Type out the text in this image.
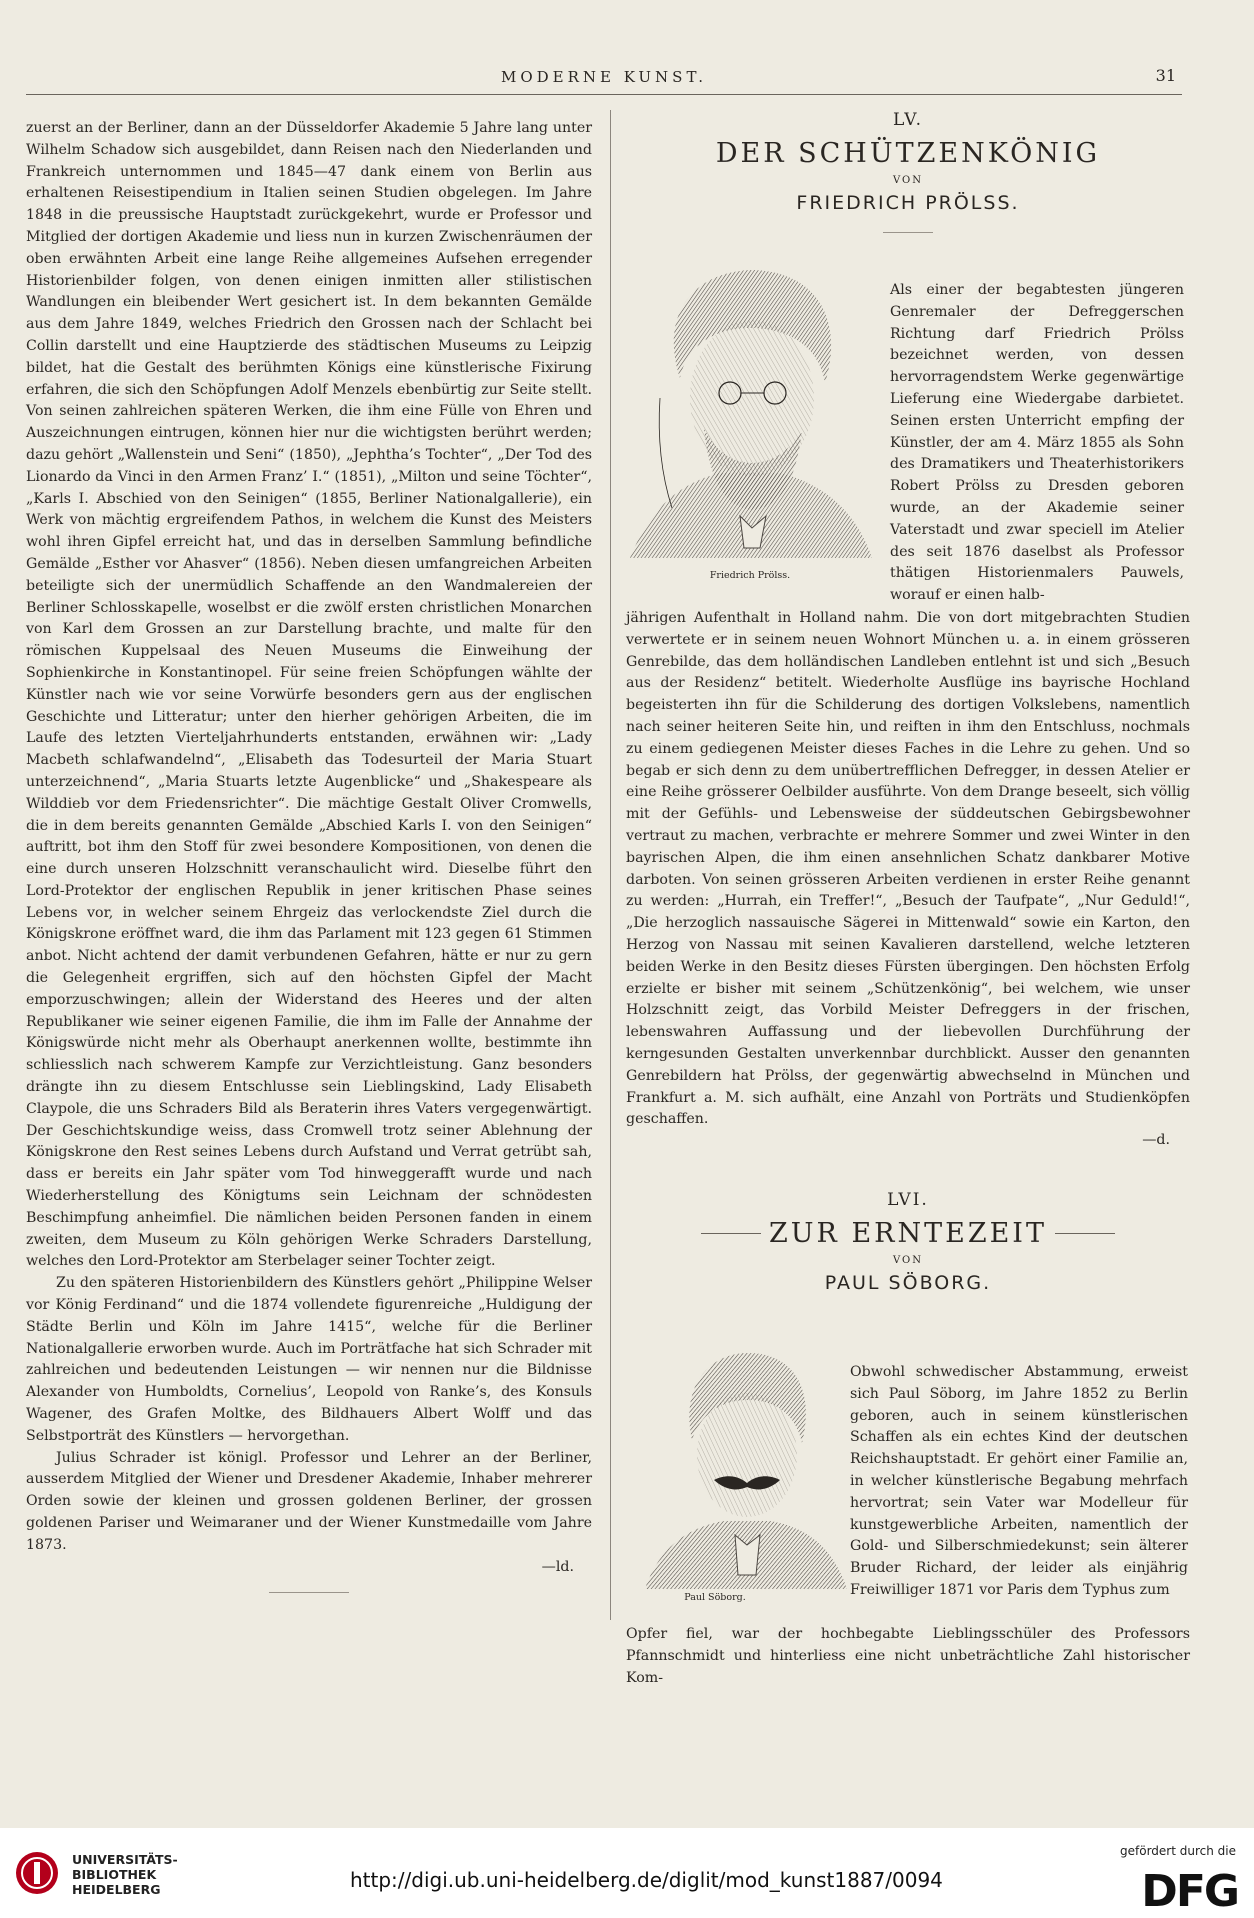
MODERNE KUNST.	31

zuerst an der Berliner, dann an der Düsseldorfer Akademie 5 Jahre lang unter Wilhelm Schadow sich ausgebildet, dann Reisen nach den Niederlanden und Frankreich unternommen und 1845—47 dank einem von Berlin aus erhaltenen Reisestipendium in Italien seinen Studien obgelegen. Im Jahre 1848 in die preussische Hauptstadt zurückgekehrt, wurde er Professor und Mitglied der dortigen Akademie und liess nun in kurzen Zwischenräumen der oben erwähnten Arbeit eine lange Reihe allgemeines Aufsehen erregender Historienbilder folgen, von denen einigen inmitten aller stilistischen Wandlungen ein bleibender Wert gesichert ist. In dem bekannten Gemälde aus dem Jahre 1849, welches Friedrich den Grossen nach der Schlacht bei Collin darstellt und eine Hauptzierde des städtischen Museums zu Leipzig bildet, hat die Gestalt des berühmten Königs eine künstlerische Fixirung erfahren, die sich den Schöpfungen Adolf Menzels ebenbürtig zur Seite stellt. Von seinen zahlreichen späteren Werken, die ihm eine Fülle von Ehren und Auszeichnungen eintrugen, können hier nur die wichtigsten berührt werden; dazu gehört „Wallenstein und Seni“ (1850), „Jephtha’s Tochter“, „Der Tod des Lionardo da Vinci in den Armen Franz’ I.“ (1851), „Milton und seine Töchter“, „Karls I. Abschied von den Seinigen“ (1855, Berliner Nationalgallerie), ein Werk von mächtig ergreifendem Pathos, in welchem die Kunst des Meisters wohl ihren Gipfel erreicht hat, und das in derselben Sammlung befindliche Gemälde „Esther vor Ahasver“ (1856). Neben diesen umfangreichen Arbeiten beteiligte sich der unermüdlich Schaffende an den Wandmalereien der Berliner Schlosskapelle, woselbst er die zwölf ersten christlichen Monarchen von Karl dem Grossen an zur Darstellung brachte, und malte für den römischen Kuppelsaal des Neuen Museums die Einweihung der Sophienkirche in Konstantinopel. Für seine freien Schöpfungen wählte der Künstler nach wie vor seine Vorwürfe besonders gern aus der englischen Geschichte und Litteratur; unter den hierher gehörigen Arbeiten, die im Laufe des letzten Vierteljahrhunderts entstanden, erwähnen wir: „Lady Macbeth schlafwandelnd“, „Elisabeth das Todesurteil der Maria Stuart unterzeichnend“, „Maria Stuarts letzte Augenblicke“ und „Shakespeare als Wilddieb vor dem Friedensrichter“. Die mächtige Gestalt Oliver Cromwells, die in dem bereits genannten Gemälde „Abschied Karls I. von den Seinigen“ auftritt, bot ihm den Stoff für zwei besondere Kompositionen, von denen die eine durch unseren Holzschnitt veranschaulicht wird. Dieselbe führt den Lord-Protektor der englischen Republik in jener kritischen Phase seines Lebens vor, in welcher seinem Ehrgeiz das verlockendste Ziel durch die Königskrone eröffnet ward, die ihm das Parlament mit 123 gegen 61 Stimmen anbot. Nicht achtend der damit verbundenen Gefahren, hätte er nur zu gern die Gelegenheit ergriffen, sich auf den höchsten Gipfel der Macht emporzuschwingen; allein der Widerstand des Heeres und der alten Republikaner wie seiner eigenen Familie, die ihm im Falle der Annahme der Königswürde nicht mehr als Oberhaupt anerkennen wollte, bestimmte ihn schliesslich nach schwerem Kampfe zur Verzichtleistung. Ganz besonders drängte ihn zu diesem Entschlusse sein Lieblingskind, Lady Elisabeth Claypole, die uns Schraders Bild als Beraterin ihres Vaters vergegenwärtigt. Der Geschichtskundige weiss, dass Cromwell trotz seiner Ablehnung der Königskrone den Rest seines Lebens durch Aufstand und Verrat getrübt sah, dass er bereits ein Jahr später vom Tod hinweggerafft wurde und nach Wiederherstellung des Königtums sein Leichnam der schnödesten Beschimpfung anheimfiel. Die nämlichen beiden Personen fanden in einem zweiten, dem Museum zu Köln gehörigen Werke Schraders Darstellung, welches den Lord-Protektor am Sterbelager seiner Tochter zeigt.

Zu den späteren Historienbildern des Künstlers gehört „Philippine Welser vor König Ferdinand“ und die 1874 vollendete figurenreiche „Huldigung der Städte Berlin und Köln im Jahre 1415“, welche für die Berliner Nationalgallerie erworben wurde. Auch im Porträtfache hat sich Schrader mit zahlreichen und bedeutenden Leistungen — wir nennen nur die Bildnisse Alexander von Humboldts, Cornelius’, Leopold von Ranke’s, des Konsuls Wagener, des Grafen Moltke, des Bildhauers Albert Wolff und das Selbstporträt des Künstlers — hervorgethan.

Julius Schrader ist königl. Professor und Lehrer an der Berliner, ausserdem Mitglied der Wiener und Dresdener Akademie, Inhaber mehrerer Orden sowie der kleinen und grossen goldenen Berliner, der grossen goldenen Pariser und Weimaraner und der Wiener Kunstmedaille vom Jahre 1873.

—ld.

LV.
DER SCHÜTZENKÖNIG
VON
FRIEDRICH PRÖLSS.
Friedrich Prölss.

Als einer der begabtesten jüngeren Genremaler der Defreggerschen Richtung darf Friedrich Prölss bezeichnet werden, von dessen hervorragendstem Werke gegenwärtige Lieferung eine Wiedergabe darbietet. Seinen ersten Unterricht empfing der Künstler, der am 4. März 1855 als Sohn des Dramatikers und Theaterhistorikers Robert Prölss zu Dresden geboren wurde, an der Akademie seiner Vaterstadt und zwar speciell im Atelier des seit 1876 daselbst als Professor thätigen Historienmalers Pauwels, worauf er einen halb-

jährigen Aufenthalt in Holland nahm. Die von dort mitgebrachten Studien verwertete er in seinem neuen Wohnort München u. a. in einem grösseren Genrebilde, das dem holländischen Landleben entlehnt ist und sich „Besuch aus der Residenz“ betitelt. Wiederholte Ausflüge ins bayrische Hochland begeisterten ihn für die Schilderung des dortigen Volkslebens, namentlich nach seiner heiteren Seite hin, und reiften in ihm den Entschluss, nochmals zu einem gediegenen Meister dieses Faches in die Lehre zu gehen. Und so begab er sich denn zu dem unübertrefflichen Defregger, in dessen Atelier er eine Reihe grösserer Oelbilder ausführte. Von dem Drange beseelt, sich völlig mit der Gefühls- und Lebensweise der süddeutschen Gebirgsbewohner vertraut zu machen, verbrachte er mehrere Sommer und zwei Winter in den bayrischen Alpen, die ihm einen ansehnlichen Schatz dankbarer Motive darboten. Von seinen grösseren Arbeiten verdienen in erster Reihe genannt zu werden: „Hurrah, ein Treffer!“, „Besuch der Taufpate“, „Nur Geduld!“, „Die herzoglich nassauische Sägerei in Mittenwald“ sowie ein Karton, den Herzog von Nassau mit seinen Kavalieren darstellend, welche letzteren beiden Werke in den Besitz dieses Fürsten übergingen. Den höchsten Erfolg erzielte er bisher mit seinem „Schützenkönig“, bei welchem, wie unser Holzschnitt zeigt, das Vorbild Meister Defreggers in der frischen, lebenswahren Auffassung und der liebevollen Durchführung der kerngesunden Gestalten unverkennbar durchblickt. Ausser den genannten Genrebildern hat Prölss, der gegenwärtig abwechselnd in München und Frankfurt a. M. sich aufhält, eine Anzahl von Porträts und Studienköpfen geschaffen.

—d.

LVI.
ZUR ERNTEZEIT
VON
PAUL SÖBORG.
Paul Söborg.

Obwohl schwedischer Abstammung, erweist sich Paul Söborg, im Jahre 1852 zu Berlin geboren, auch in seinem künstlerischen Schaffen als ein echtes Kind der deutschen Reichshauptstadt. Er gehört einer Familie an, in welcher künstlerische Begabung mehrfach hervortrat; sein Vater war Modelleur für kunstgewerbliche Arbeiten, namentlich der Gold- und Silberschmiedekunst; sein älterer Bruder Richard, der leider als einjährig Freiwilliger 1871 vor Paris dem Typhus zum

Opfer fiel, war der hochbegabte Lieblingsschüler des Professors Pfannschmidt und hinterliess eine nicht unbeträchtliche Zahl historischer Kom-

UNIVERSITÄTS-
BIBLIOTHEK
HEIDELBERG	http://digi.ub.uni-heidelberg.de/diglit/mod_kunst1887/0094
gefördert durch die
DFG
